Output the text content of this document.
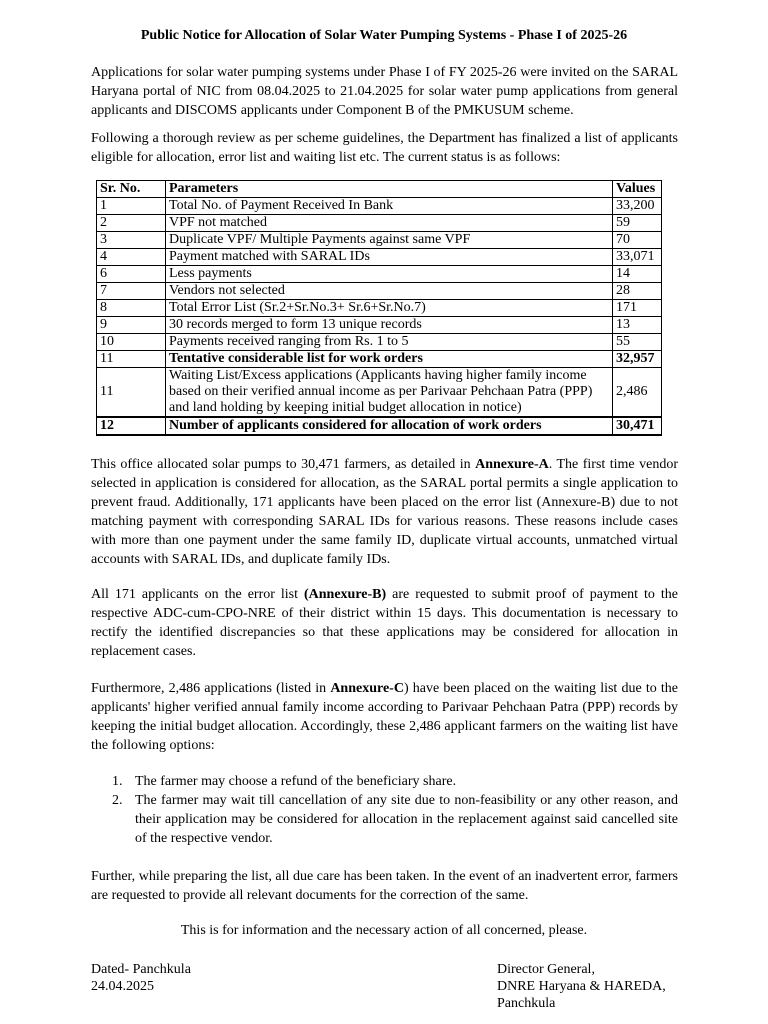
Public Notice for Allocation of Solar Water Pumping Systems - Phase I of 2025-26
Applications for solar water pumping systems under Phase I of FY 2025-26 were invited on the SARAL Haryana portal of NIC from 08.04.2025 to 21.04.2025 for solar water pump applications from general applicants and DISCOMS applicants under Component B of the PMKUSUM scheme.
Following a thorough review as per scheme guidelines, the Department has finalized a list of applicants eligible for allocation, error list and waiting list etc. The current status is as follows:
Sr. No.	Parameters	Values
1	Total No. of Payment Received In Bank	33,200
2	VPF not matched	59
3	Duplicate VPF/ Multiple Payments against same VPF	70
4	Payment matched with SARAL IDs	33,071
6	Less payments	14
7	Vendors not selected	28
8	Total Error List (Sr.2+Sr.No.3+ Sr.6+Sr.No.7)	171
9	30 records merged to form 13 unique records	13
10	Payments received ranging from Rs. 1 to 5	55
11	Tentative considerable list for work orders	32,957
11	Waiting List/Excess applications (Applicants having higher family income based on their verified annual income as per Parivaar Pehchaan Patra (PPP) and land holding by keeping initial budget allocation in notice)	2,486
12	Number of applicants considered for allocation of work orders	30,471
This office allocated solar pumps to 30,471 farmers, as detailed in Annexure-A. The first time vendor selected in application is considered for allocation, as the SARAL portal permits a single application to prevent fraud. Additionally, 171 applicants have been placed on the error list (Annexure-B) due to not matching payment with corresponding SARAL IDs for various reasons. These reasons include cases with more than one payment under the same family ID, duplicate virtual accounts, unmatched virtual accounts with SARAL IDs, and duplicate family IDs.
All 171 applicants on the error list (Annexure-B) are requested to submit proof of payment to the respective ADC-cum-CPO-NRE of their district within 15 days. This documentation is necessary to rectify the identified discrepancies so that these applications may be considered for allocation in replacement cases.
Furthermore, 2,486 applications (listed in Annexure-C) have been placed on the waiting list due to the applicants' higher verified annual family income according to Parivaar Pehchaan Patra (PPP) records by keeping the initial budget allocation. Accordingly, these 2,486 applicant farmers on the waiting list have the following options:
1. The farmer may choose a refund of the beneficiary share.
2. The farmer may wait till cancellation of any site due to non-feasibility or any other reason, and their application may be considered for allocation in the replacement against said cancelled site of the respective vendor.
Further, while preparing the list, all due care has been taken. In the event of an inadvertent error, farmers are requested to provide all relevant documents for the correction of the same.
This is for information and the necessary action of all concerned, please.
Dated- Panchkula
24.04.2025
Director General,
DNRE Haryana & HAREDA,
Panchkula
